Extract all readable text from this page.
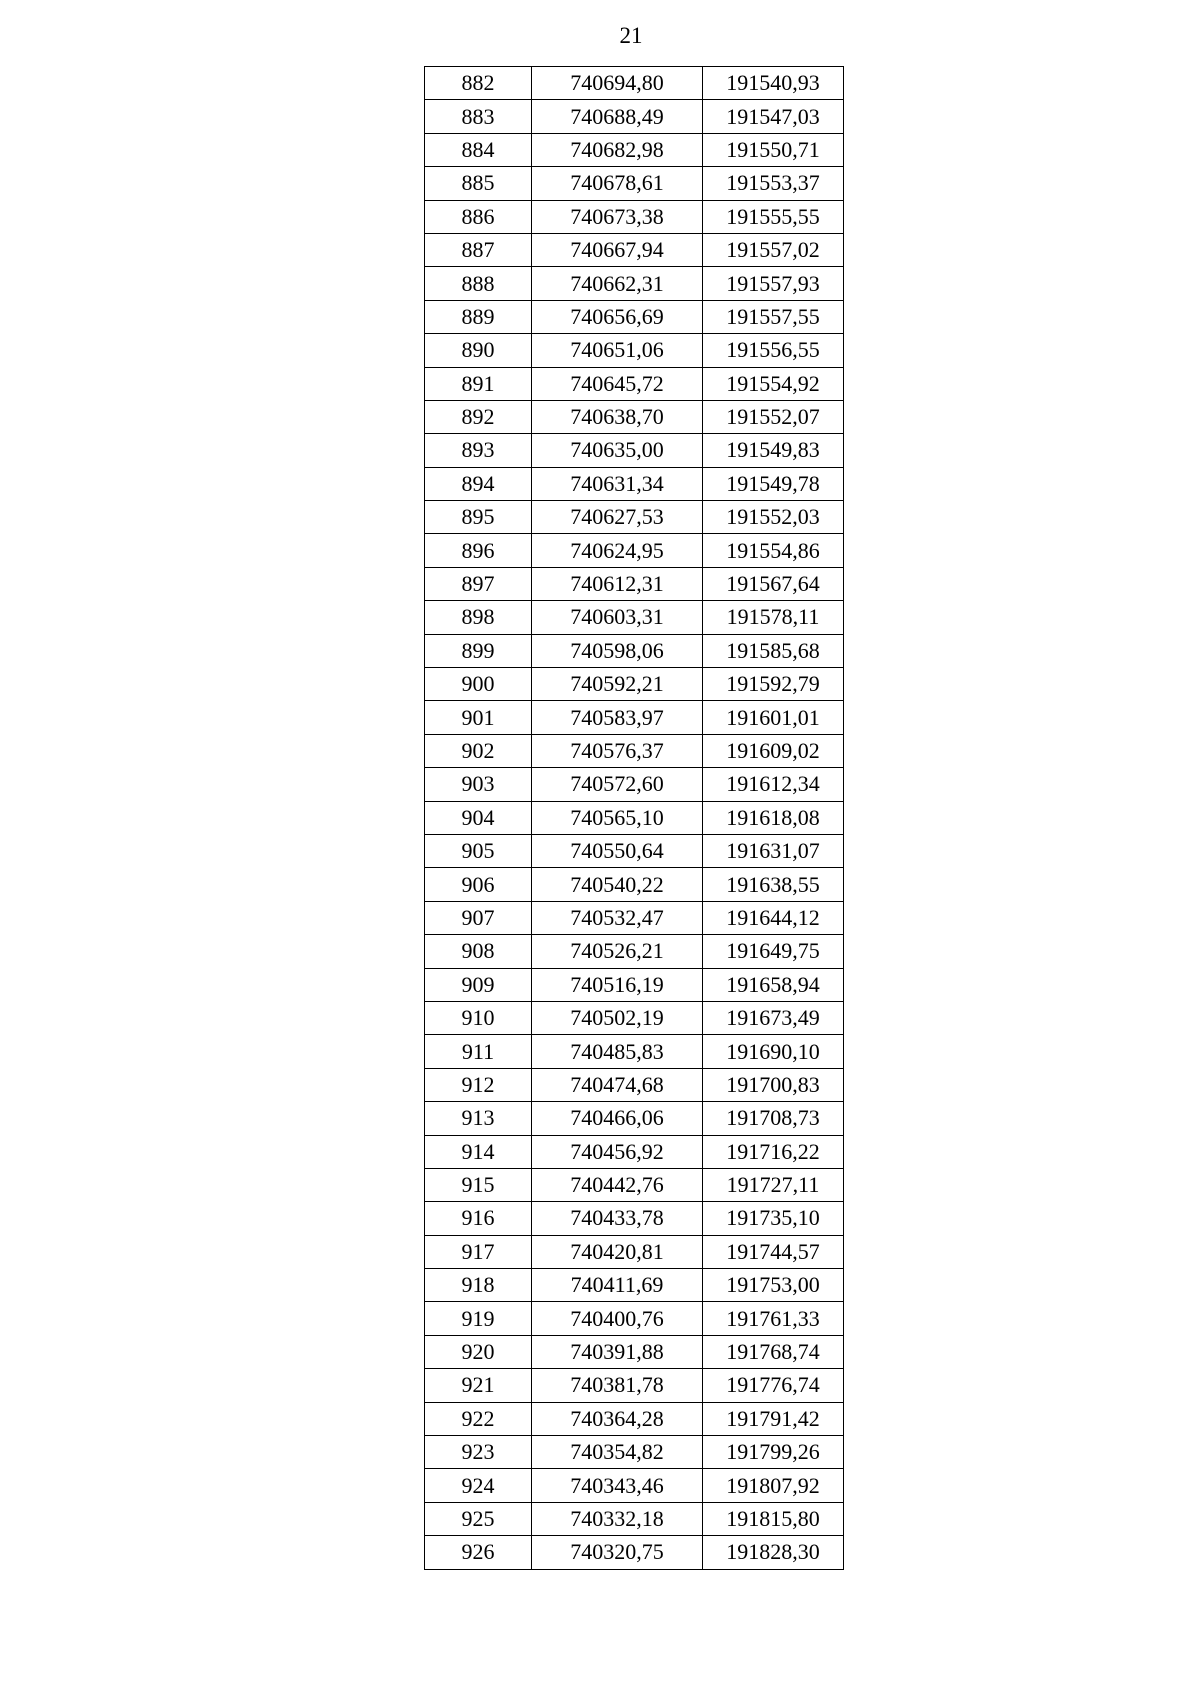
21
882	740694,80	191540,93
883	740688,49	191547,03
884	740682,98	191550,71
885	740678,61	191553,37
886	740673,38	191555,55
887	740667,94	191557,02
888	740662,31	191557,93
889	740656,69	191557,55
890	740651,06	191556,55
891	740645,72	191554,92
892	740638,70	191552,07
893	740635,00	191549,83
894	740631,34	191549,78
895	740627,53	191552,03
896	740624,95	191554,86
897	740612,31	191567,64
898	740603,31	191578,11
899	740598,06	191585,68
900	740592,21	191592,79
901	740583,97	191601,01
902	740576,37	191609,02
903	740572,60	191612,34
904	740565,10	191618,08
905	740550,64	191631,07
906	740540,22	191638,55
907	740532,47	191644,12
908	740526,21	191649,75
909	740516,19	191658,94
910	740502,19	191673,49
911	740485,83	191690,10
912	740474,68	191700,83
913	740466,06	191708,73
914	740456,92	191716,22
915	740442,76	191727,11
916	740433,78	191735,10
917	740420,81	191744,57
918	740411,69	191753,00
919	740400,76	191761,33
920	740391,88	191768,74
921	740381,78	191776,74
922	740364,28	191791,42
923	740354,82	191799,26
924	740343,46	191807,92
925	740332,18	191815,80
926	740320,75	191828,30
